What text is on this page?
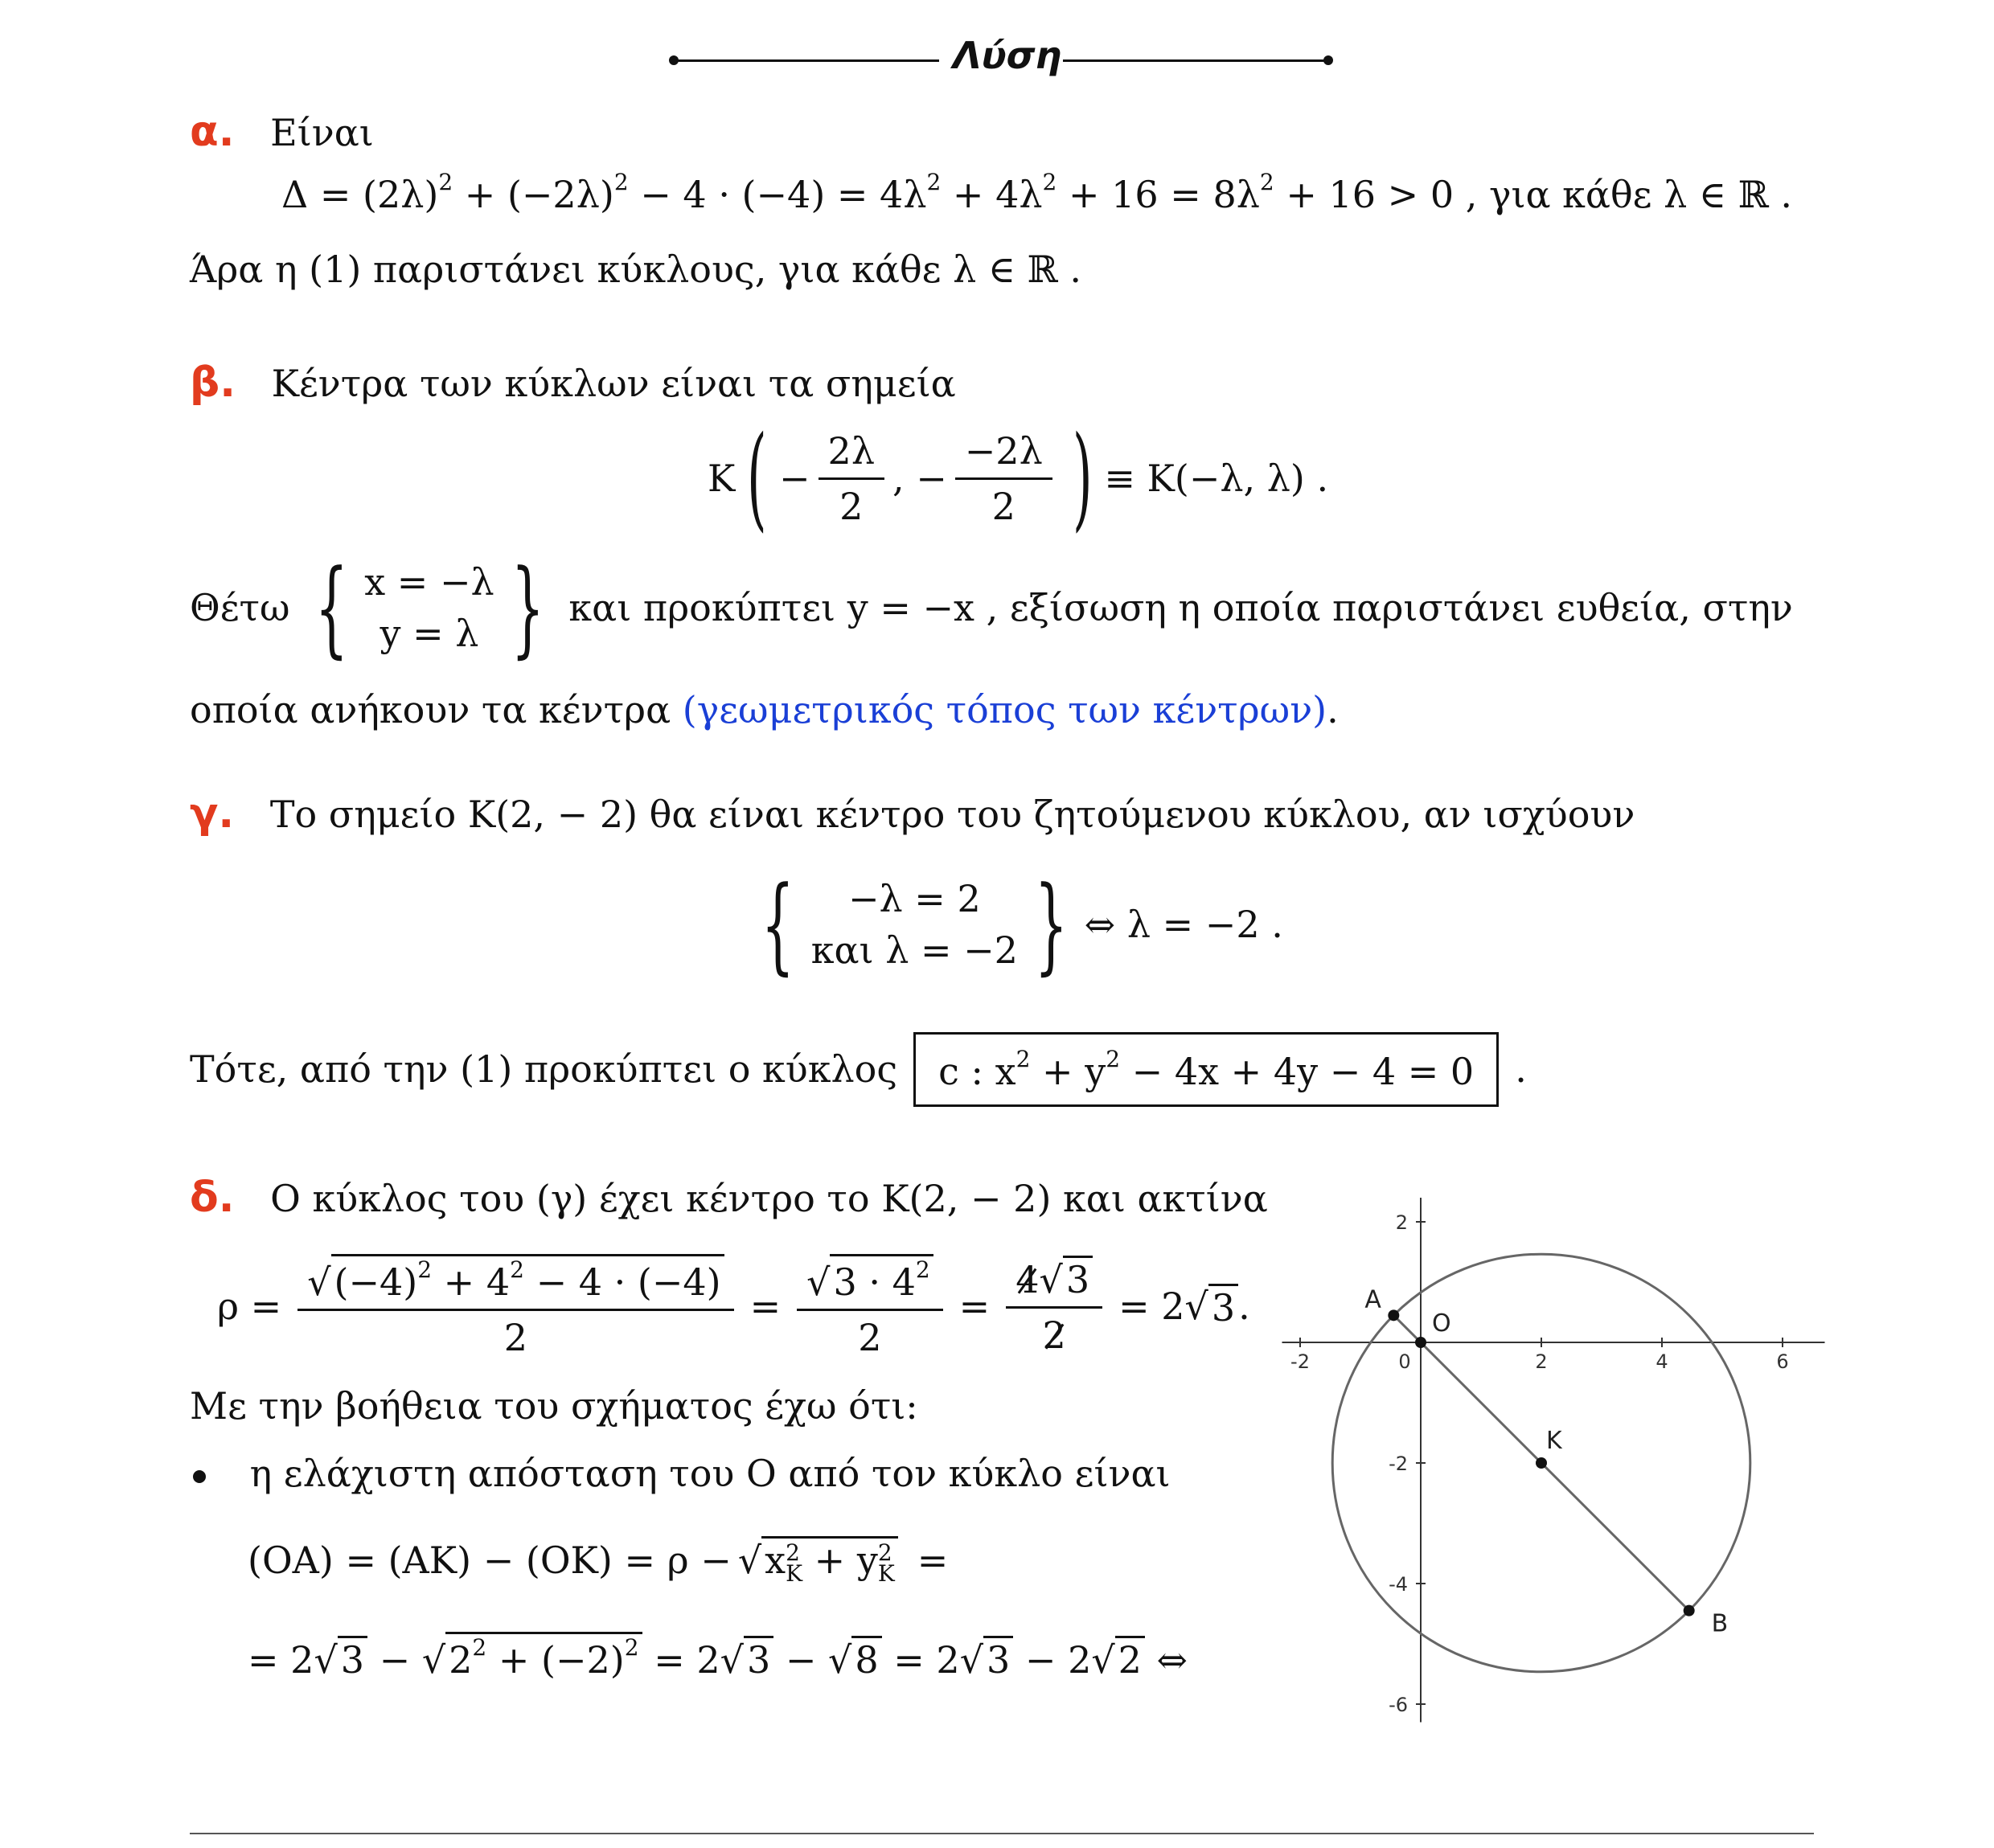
Λύση
α. Είναι
$\Delta = (2\lambda)^2 + (-2\lambda)^2 - 4 \cdot (-4) = 4\lambda^2 + 4\lambda^2 + 16 = 8\lambda^2 + 16 > 0$ , για κάθε λ ∈ ℝ .
Άρα η (1) παριστάνει κύκλους, για κάθε λ ∈ ℝ .
β. Κέντρα των κύκλων είναι τα σημεία
K ( − $\frac{2\lambda}{2}$ , − $\frac{-2\lambda}{2}$ ) ≡ K(−λ, λ) .
Θέτω { x = −λ
y = λ } και προκύπτει y = −x , εξίσωση η οποία παριστάνει ευθεία, στην
οποία ανήκουν τα κέντρα (γεωμετρικός τόπος των κέντρων).
γ. Το σημείο K(2, − 2) θα είναι κέντρο του ζητούμενου κύκλου, αν ισχύουν
{	−λ = 2
και λ = −2 } ⇔ λ = −2 .
Τότε, από την (1) προκύπτει ο κύκλος	c : $x^2 + y^2 - 4x + 4y - 4 = 0$	.
δ. Ο κύκλος του (γ) έχει κέντρο το K(2, − 2) και ακτίνα
$\rho = \frac{√(-4)^2 + 4^2 - 4 \cdot (-4)}{2} = \frac{√3 \cdot 4^2}{2} = \frac{4√3}{2} = 2$ √ 3 .
Με την βοήθεια του σχήματος έχω ότι:
η ελάχιστη απόσταση του O από τον κύκλο είναι
(OA) = (AK) − (OK) = ρ − √x 2
K + y 2
K =
= $2√3 - √2^2 + (-2)^2 = 2√3 - √8 = 2√3 - 2√2$ ⇔
-2	0	2	4	6
2
-2
-4
-6
A
O
K
B
